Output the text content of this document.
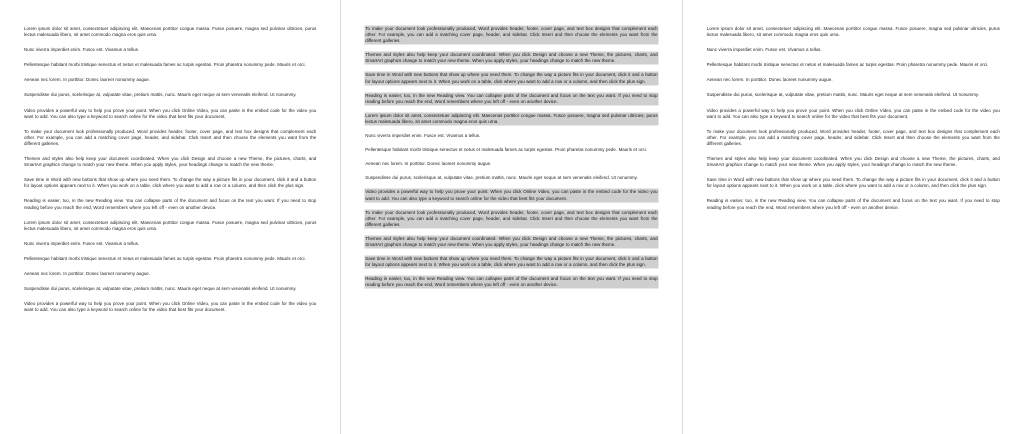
Lorem ipsum dolor sit amet, consectetuer adipiscing elit. Maecenas porttitor congue massa. Fusce posuere, magna sed pulvinar ultricies, purus lectus malesuada libero, sit amet commodo magna eros quis urna.

Nunc viverra imperdiet enim. Fusce est. Vivamus a tellus.

Pellentesque habitant morbi tristique senectus et netus et malesuada fames ac turpis egestas. Proin pharetra nonummy pede. Mauris et orci.

Aenean nec lorem. In porttitor. Donec laoreet nonummy augue.

Suspendisse dui purus, scelerisque at, vulputate vitae, pretium mattis, nunc. Mauris eget neque at sem venenatis eleifend. Ut nonummy.

Video provides a powerful way to help you prove your point. When you click Online Video, you can paste in the embed code for the video you want to add. You can also type a keyword to search online for the video that best fits your document.

To make your document look professionally produced, Word provides header, footer, cover page, and text box designs that complement each other. For example, you can add a matching cover page, header, and sidebar. Click Insert and then choose the elements you want from the different galleries.

Themes and styles also help keep your document coordinated. When you click Design and choose a new Theme, the pictures, charts, and SmartArt graphics change to match your new theme. When you apply styles, your headings change to match the new theme.

Save time in Word with new buttons that show up where you need them. To change the way a picture fits in your document, click it and a button for layout options appears next to it. When you work on a table, click where you want to add a row or a column, and then click the plus sign.

Reading is easier, too, in the new Reading view. You can collapse parts of the document and focus on the text you want. If you need to stop reading before you reach the end, Word remembers where you left off - even on another device.

Lorem ipsum dolor sit amet, consectetuer adipiscing elit. Maecenas porttitor congue massa. Fusce posuere, magna sed pulvinar ultricies, purus lectus malesuada libero, sit amet commodo magna eros quis urna.

Nunc viverra imperdiet enim. Fusce est. Vivamus a tellus.

Pellentesque habitant morbi tristique senectus et netus et malesuada fames ac turpis egestas. Proin pharetra nonummy pede. Mauris et orci.

Aenean nec lorem. In porttitor. Donec laoreet nonummy augue.

Suspendisse dui purus, scelerisque at, vulputate vitae, pretium mattis, nunc. Mauris eget neque at sem venenatis eleifend. Ut nonummy.

Video provides a powerful way to help you prove your point. When you click Online Video, you can paste in the embed code for the video you want to add. You can also type a keyword to search online for the video that best fits your document.

To make your document look professionally produced, Word provides header, footer, cover page, and text box designs that complement each other. For example, you can add a matching cover page, header, and sidebar. Click Insert and then choose the elements you want from the different galleries.

Themes and styles also help keep your document coordinated. When you click Design and choose a new Theme, the pictures, charts, and SmartArt graphics change to match your new theme. When you apply styles, your headings change to match the new theme.

Save time in Word with new buttons that show up where you need them. To change the way a picture fits in your document, click it and a button for layout options appears next to it. When you work on a table, click where you want to add a row or a column, and then click the plus sign.

Reading is easier, too, in the new Reading view. You can collapse parts of the document and focus on the text you want. If you need to stop reading before you reach the end, Word remembers where you left off - even on another device.

Lorem ipsum dolor sit amet, consectetuer adipiscing elit. Maecenas porttitor congue massa. Fusce posuere, magna sed pulvinar ultricies, purus lectus malesuada libero, sit amet commodo magna eros quis urna.

Nunc viverra imperdiet enim. Fusce est. Vivamus a tellus.

Pellentesque habitant morbi tristique senectus et netus et malesuada fames ac turpis egestas. Proin pharetra nonummy pede. Mauris et orci.

Aenean nec lorem. In porttitor. Donec laoreet nonummy augue.

Suspendisse dui purus, scelerisque at, vulputate vitae, pretium mattis, nunc. Mauris eget neque at sem venenatis eleifend. Ut nonummy.

Video provides a powerful way to help you prove your point. When you click Online Video, you can paste in the embed code for the video you want to add. You can also type a keyword to search online for the video that best fits your document.

To make your document look professionally produced, Word provides header, footer, cover page, and text box designs that complement each other. For example, you can add a matching cover page, header, and sidebar. Click Insert and then choose the elements you want from the different galleries.

Themes and styles also help keep your document coordinated. When you click Design and choose a new Theme, the pictures, charts, and SmartArt graphics change to match your new theme. When you apply styles, your headings change to match the new theme.

Save time in Word with new buttons that show up where you need them. To change the way a picture fits in your document, click it and a button for layout options appears next to it. When you work on a table, click where you want to add a row or a column, and then click the plus sign.

Reading is easier, too, in the new Reading view. You can collapse parts of the document and focus on the text you want. If you need to stop reading before you reach the end, Word remembers where you left off - even on another device.

Lorem ipsum dolor sit amet, consectetuer adipiscing elit. Maecenas porttitor congue massa. Fusce posuere, magna sed pulvinar ultricies, purus lectus malesuada libero, sit amet commodo magna eros quis urna.

Nunc viverra imperdiet enim. Fusce est. Vivamus a tellus.

Pellentesque habitant morbi tristique senectus et netus et malesuada fames ac turpis egestas. Proin pharetra nonummy pede. Mauris et orci.

Aenean nec lorem. In porttitor. Donec laoreet nonummy augue.

Suspendisse dui purus, scelerisque at, vulputate vitae, pretium mattis, nunc. Mauris eget neque at sem venenatis eleifend. Ut nonummy.

Video provides a powerful way to help you prove your point. When you click Online Video, you can paste in the embed code for the video you want to add. You can also type a keyword to search online for the video that best fits your document.

To make your document look professionally produced, Word provides header, footer, cover page, and text box designs that complement each other. For example, you can add a matching cover page, header, and sidebar. Click Insert and then choose the elements you want from the different galleries.

Themes and styles also help keep your document coordinated. When you click Design and choose a new Theme, the pictures, charts, and SmartArt graphics change to match your new theme. When you apply styles, your headings change to match the new theme.

Save time in Word with new buttons that show up where you need them. To change the way a picture fits in your document, click it and a button for layout options appears next to it. When you work on a table, click where you want to add a row or a column, and then click the plus sign.

Reading is easier, too, in the new Reading view. You can collapse parts of the document and focus on the text you want. If you need to stop reading before you reach the end, Word remembers where you left off - even on another device.
